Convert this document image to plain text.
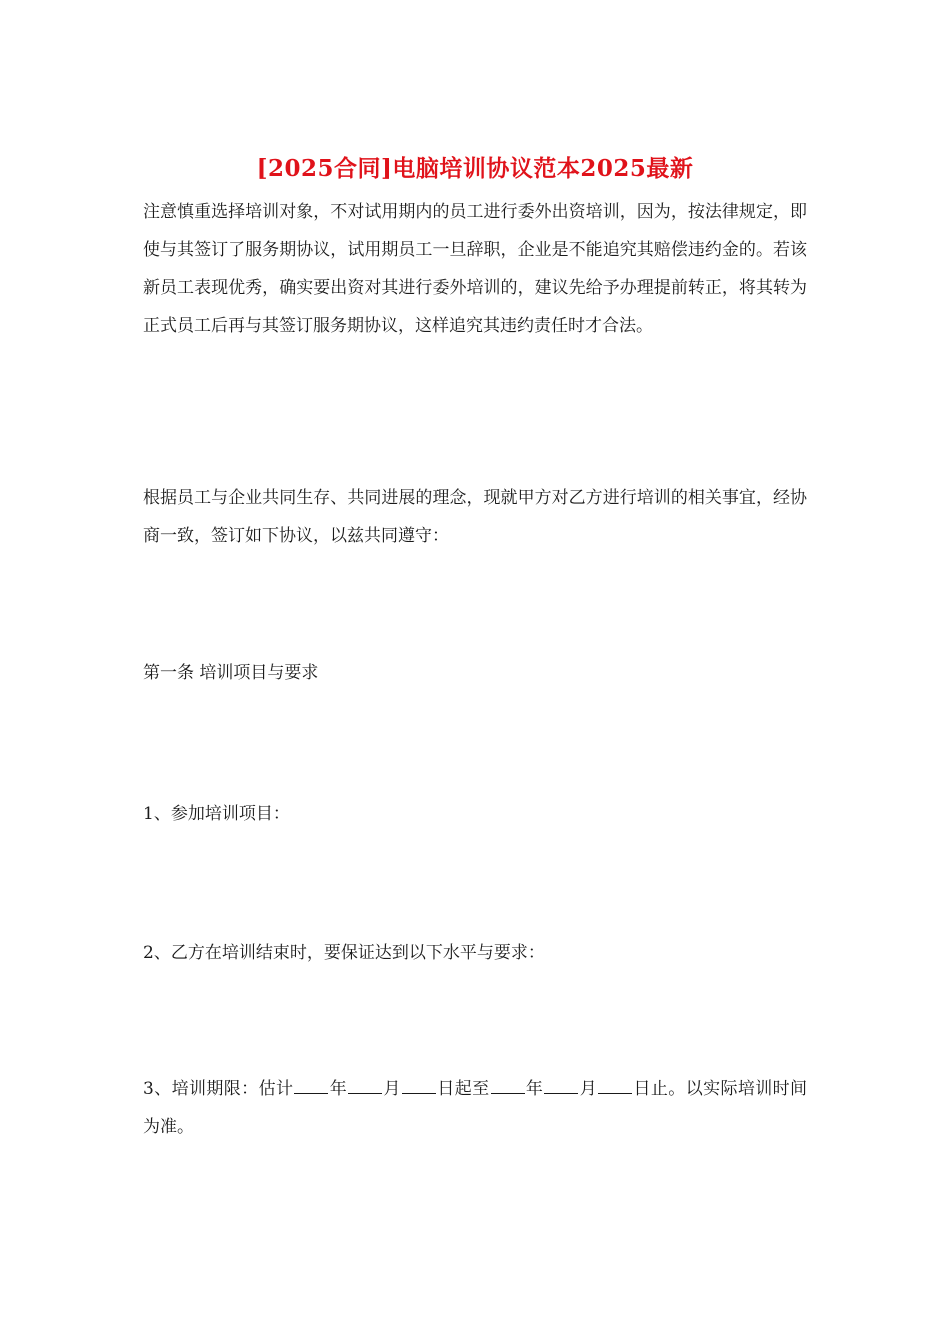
[2025合同]电脑培训协议范本2025最新
注意慎重选择培训对象，不对试用期内的员工进行委外出资培训，因为，按法律规定，即使与其签订了服务期协议，试用期员工一旦辞职，企业是不能追究其赔偿违约金的。若该新员工表现优秀，确实要出资对其进行委外培训的，建议先给予办理提前转正，将其转为正式员工后再与其签订服务期协议，这样追究其违约责任时才合法。
根据员工与企业共同生存、共同进展的理念，现就甲方对乙方进行培训的相关事宜，经协商一致，签订如下协议，以兹共同遵守：
第一条 培训项目与要求
1、参加培训项目：
2、乙方在培训结束时，要保证达到以下水平与要求：
3、培训期限：估计 年 月 日起至 年 月 日止。以实际培训时间为准。
